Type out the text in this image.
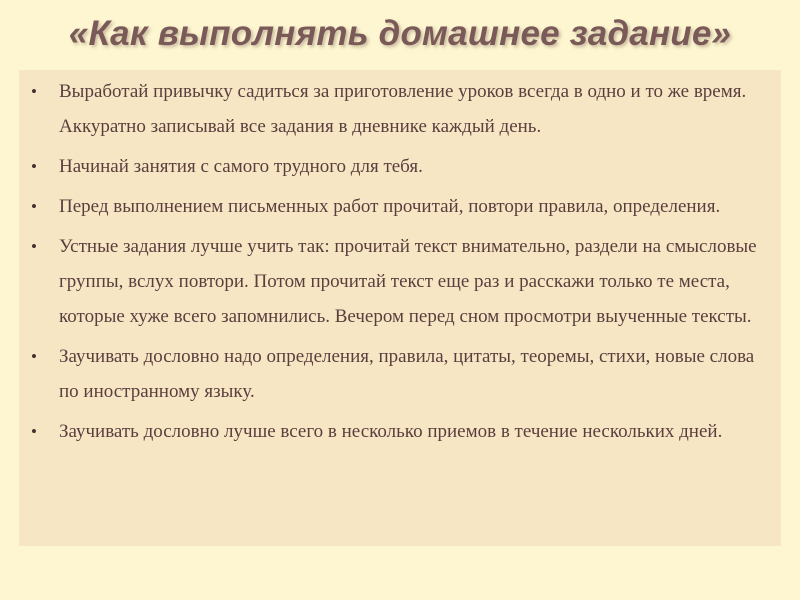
«Как выполнять домашнее задание»
• Выработай привычку садиться за приготовление уроков всегда в одно и то же время. Аккуратно записывай все задания в дневнике каждый день.
• Начинай занятия с самого трудного для тебя.
• Перед выполнением письменных работ прочитай, повтори правила, определения.
• Устные задания лучше учить так: прочитай текст внимательно, раздели на смысловые группы, вслух повтори. Потом прочитай текст еще раз и расскажи только те места, которые хуже всего запомнились. Вечером перед сном просмотри выученные тексты.
• Заучивать дословно надо определения, правила, цитаты, теоремы, стихи, новые слова по иностранному языку.
• Заучивать дословно лучше всего в несколько приемов в течение нескольких дней.
